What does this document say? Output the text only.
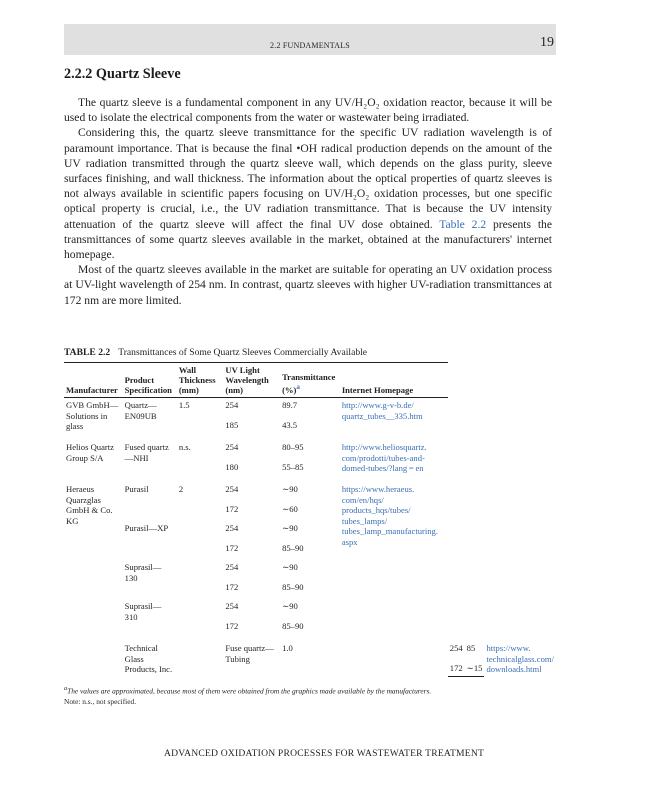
2.2 FUNDAMENTALS	19
2.2.2 Quartz Sleeve

The quartz sleeve is a fundamental component in any UV/H₂O₂ oxidation reactor, because it will be used to isolate the electrical components from the water or wastewater being irradiated.

Considering this, the quartz sleeve transmittance for the specific UV radiation wavelength is of paramount importance. That is because the final •OH radical production depends on the amount of the UV radiation transmitted through the quartz sleeve wall, which depends on the glass purity, sleeve surfaces finishing, and wall thickness. The information about the optical properties of quartz sleeves is not always available in scientific papers focusing on UV/H₂O₂ oxidation processes, but one specific optical property is crucial, i.e., the UV radiation transmittance. That is because the UV intensity attenuation of the quartz sleeve will affect the final UV dose obtained. Table 2.2 presents the transmittances of some quartz sleeves available in the market, obtained at the manufacturers' internet homepage.

Most of the quartz sleeves available in the market are suitable for operating an UV oxidation process at UV-light wavelength of 254 nm. In contrast, quartz sleeves with higher UV-radiation transmittances at 172 nm are more limited.

TABLE 2.2 Transmittances of Some Quartz Sleeves Commercially Available
Manufacturer	Product Specification	Wall Thickness (mm)	UV Light Wavelength (nm)	Transmittance (%)$^a$	Internet Homepage			
GVB GmbH— Solutions in glass	Quartz— EN09UB	1.5	254	89.7	http://www.g-v-b.de/ quartz_tubes__335.htm			
			185	43.5				
Helios Quartz Group S/A	Fused quartz—NHI	n.s.	254	80–95	http://www.heliosquartz. com/prodotti/tubes-and- domed-tubes/?lang = en			
			180	55–85				
Heraeus Quarzglas GmbH & Co. KG	Purasil	2	254	∼90	https://www.heraeus. com/en/hqs/ products_hqs/tubes/ tubes_lamps/ tubes_lamp_manufacturing. aspx			
			172	∼60				
	Purasil—XP		254	∼90				
			172	85–90				
	Suprasil— 130		254	∼90				
			172	85–90				
	Suprasil— 310		254	∼90				
			172	85–90				
	Technical Glass Products, Inc.		Fuse quartz— Tubing	1.0		254	85	https://www. technicalglass.com/ downloads.html
						172	∼15	
$^a$The values are approximated, because most of them were obtained from the graphics made available by the manufacturers.
Note: n.s., not specified.
ADVANCED OXIDATION PROCESSES FOR WASTEWATER TREATMENT
